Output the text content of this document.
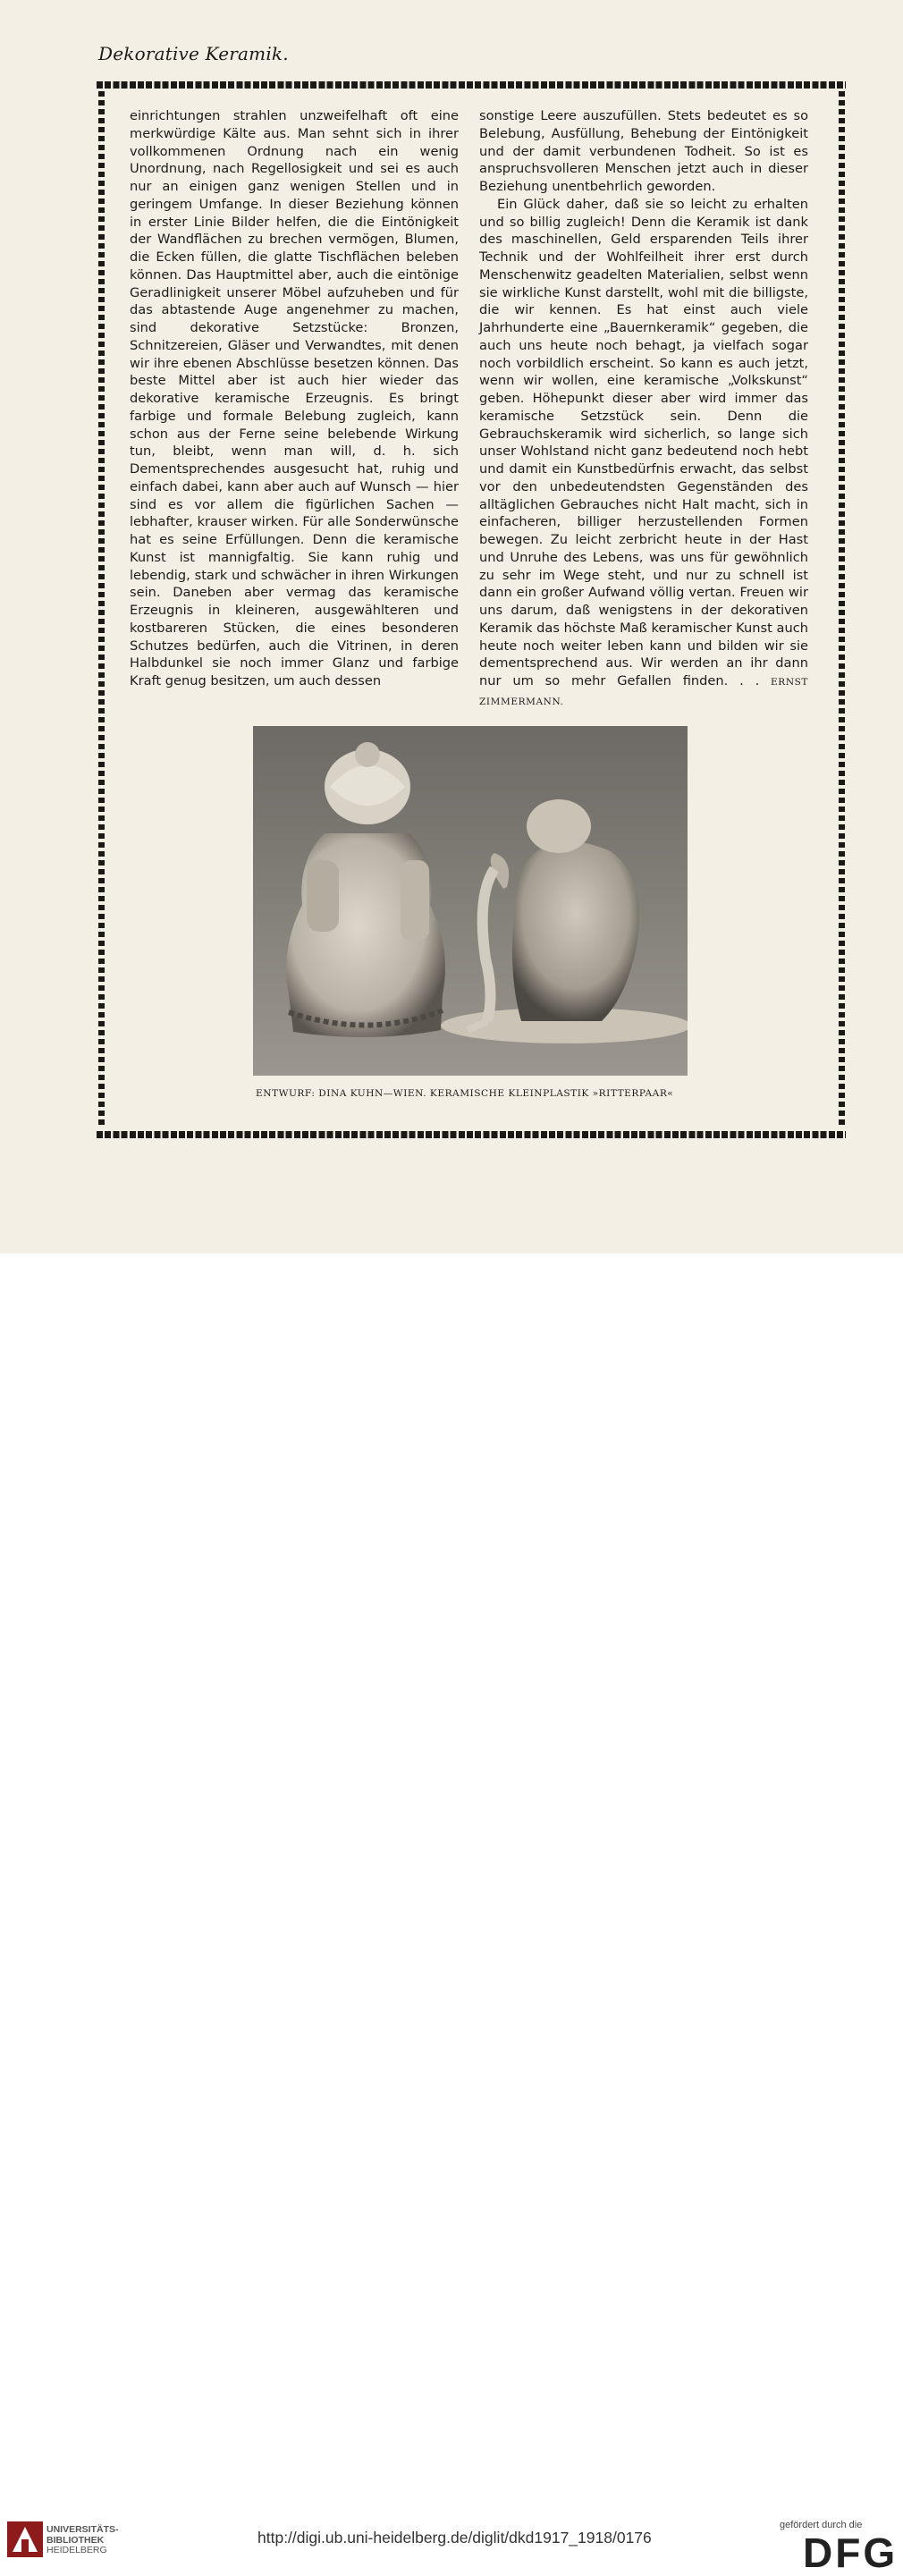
Dekorative Keramik.

einrichtungen strahlen unzweifelhaft oft eine merkwürdige Kälte aus. Man sehnt sich in ihrer vollkommenen Ordnung nach ein wenig Unordnung, nach Regellosigkeit und sei es auch nur an einigen ganz wenigen Stellen und in geringem Umfange. In dieser Beziehung können in erster Linie Bilder helfen, die die Eintönigkeit der Wandflächen zu brechen vermögen, Blumen, die Ecken füllen, die glatte Tischflächen beleben können. Das Hauptmittel aber, auch die eintönige Geradlinigkeit unserer Möbel aufzuheben und für das abtastende Auge angenehmer zu machen, sind dekorative Setzstücke: Bronzen, Schnitzereien, Gläser und Verwandtes, mit denen wir ihre ebenen Abschlüsse besetzen können. Das beste Mittel aber ist auch hier wieder das dekorative keramische Erzeugnis. Es bringt farbige und formale Belebung zugleich, kann schon aus der Ferne seine belebende Wirkung tun, bleibt, wenn man will, d. h. sich Dementsprechendes ausgesucht hat, ruhig und einfach dabei, kann aber auch auf Wunsch — hier sind es vor allem die figürlichen Sachen — lebhafter, krauser wirken. Für alle Sonderwünsche hat es seine Erfüllungen. Denn die keramische Kunst ist mannigfaltig. Sie kann ruhig und lebendig, stark und schwächer in ihren Wirkungen sein. Daneben aber vermag das keramische Erzeugnis in kleineren, ausgewählteren und kostbareren Stücken, die eines besonderen Schutzes bedürfen, auch die Vitrinen, in deren Halbdunkel sie noch immer Glanz und farbige Kraft genug besitzen, um auch dessen

sonstige Leere auszufüllen. Stets bedeutet es so Belebung, Ausfüllung, Behebung der Eintönigkeit und der damit verbundenen Todheit. So ist es anspruchsvolleren Menschen jetzt auch in dieser Beziehung unentbehrlich geworden.

Ein Glück daher, daß sie so leicht zu erhalten und so billig zugleich! Denn die Keramik ist dank des maschinellen, Geld ersparenden Teils ihrer Technik und der Wohlfeilheit ihrer erst durch Menschenwitz geadelten Materialien, selbst wenn sie wirkliche Kunst darstellt, wohl mit die billigste, die wir kennen. Es hat einst auch viele Jahrhunderte eine „Bauernkeramik“ gegeben, die auch uns heute noch behagt, ja vielfach sogar noch vorbildlich erscheint. So kann es auch jetzt, wenn wir wollen, eine keramische „Volkskunst“ geben. Höhepunkt dieser aber wird immer das keramische Setzstück sein. Denn die Gebrauchskeramik wird sicherlich, so lange sich unser Wohlstand nicht ganz bedeutend noch hebt und damit ein Kunstbedürfnis erwacht, das selbst vor den unbedeutendsten Gegenständen des alltäglichen Gebrauches nicht Halt macht, sich in einfacheren, billiger herzustellenden Formen bewegen. Zu leicht zerbricht heute in der Hast und Unruhe des Lebens, was uns für gewöhnlich zu sehr im Wege steht, und nur zu schnell ist dann ein großer Aufwand völlig vertan. Freuen wir uns darum, daß wenigstens in der dekorativen Keramik das höchste Maß keramischer Kunst auch heute noch weiter leben kann und bilden wir sie dementsprechend aus. Wir werden an ihr dann nur um so mehr Gefallen finden. . . ERNST ZIMMERMANN.

ENTWURF: DINA KUHN—WIEN. KERAMISCHE KLEINPLASTIK »RITTERPAAR«
UNIVERSITÄTS-
BIBLIOTHEK
HEIDELBERG
http://digi.ub.uni-heidelberg.de/diglit/dkd1917_1918/0176
gefördert durch die
DFG
